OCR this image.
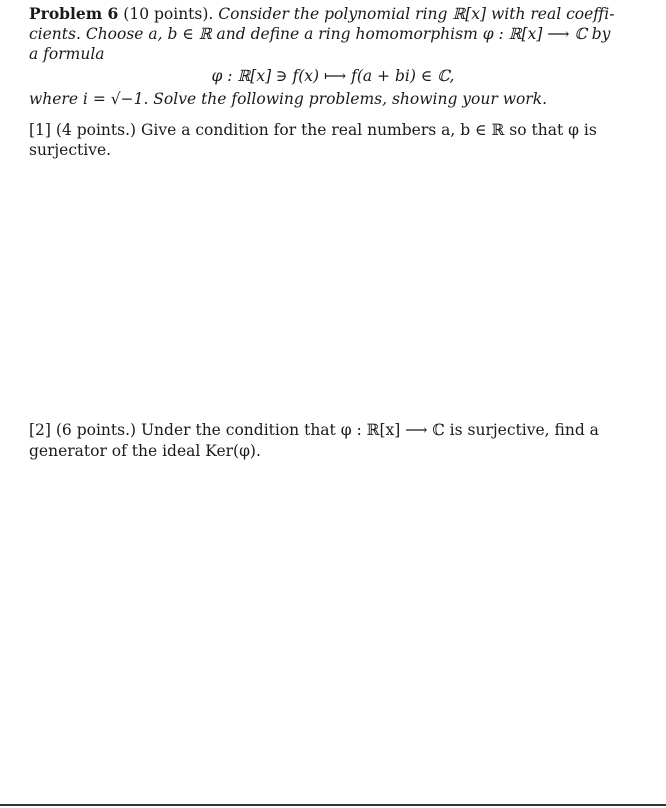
Problem 6 (10 points). Consider the polynomial ring ℝ[x] with real coeffi-
cients. Choose a, b ∈ ℝ and define a ring homomorphism φ : ℝ[x] ⟶ ℂ by
a formula
φ : ℝ[x] ∋ f(x) ⟼ f(a + bi) ∈ ℂ,
where i = √−1. Solve the following problems, showing your work.
[1] (4 points.) Give a condition for the real numbers a, b ∈ ℝ so that φ is
surjective.
[2] (6 points.) Under the condition that φ : ℝ[x] ⟶ ℂ is surjective, find a
generator of the ideal Ker(φ).
